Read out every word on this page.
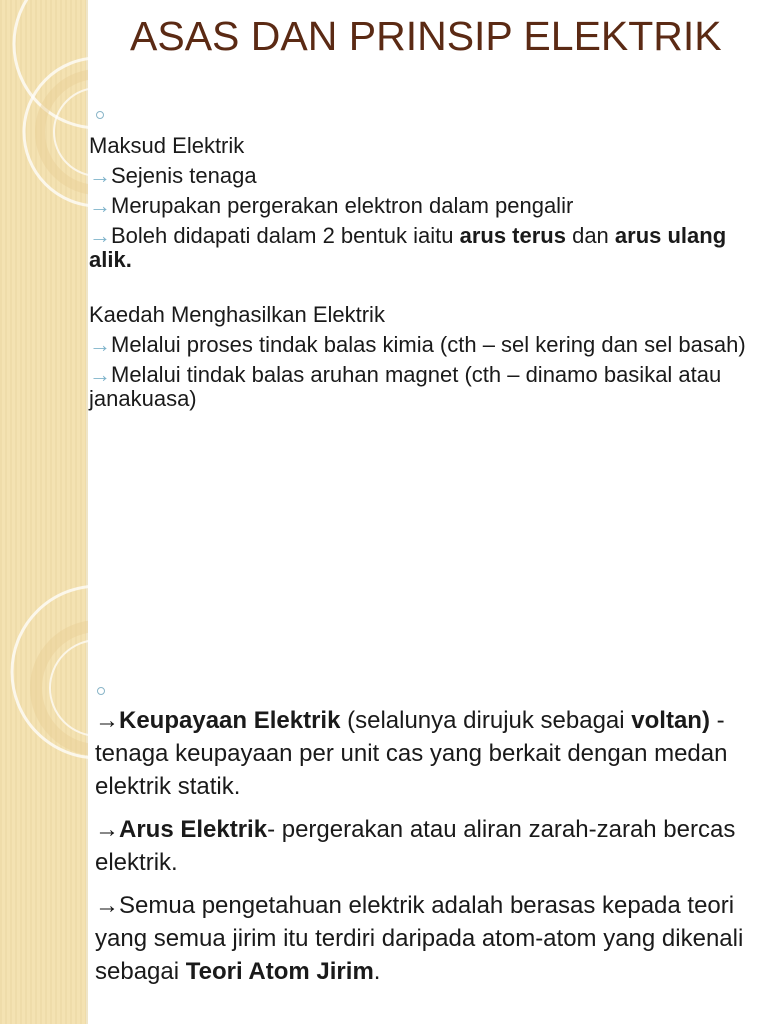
ASAS DAN PRINSIP ELEKTRIK

Maksud Elektrik

→Sejenis tenaga

→Merupakan pergerakan elektron dalam pengalir

→Boleh didapati dalam 2 bentuk iaitu arus terus dan arus ulang alik.

Kaedah Menghasilkan Elektrik

→Melalui proses tindak balas kimia (cth – sel kering dan sel basah)

→Melalui tindak balas aruhan magnet (cth – dinamo basikal atau janakuasa)

→Keupayaan Elektrik (selalunya dirujuk sebagai voltan) - tenaga keupayaan per unit cas yang berkait dengan medan elektrik statik.

→Arus Elektrik- pergerakan atau aliran zarah-zarah bercas elektrik.

→Semua pengetahuan elektrik adalah berasas kepada teori yang semua jirim itu terdiri daripada atom-atom yang dikenali sebagai Teori Atom Jirim.
